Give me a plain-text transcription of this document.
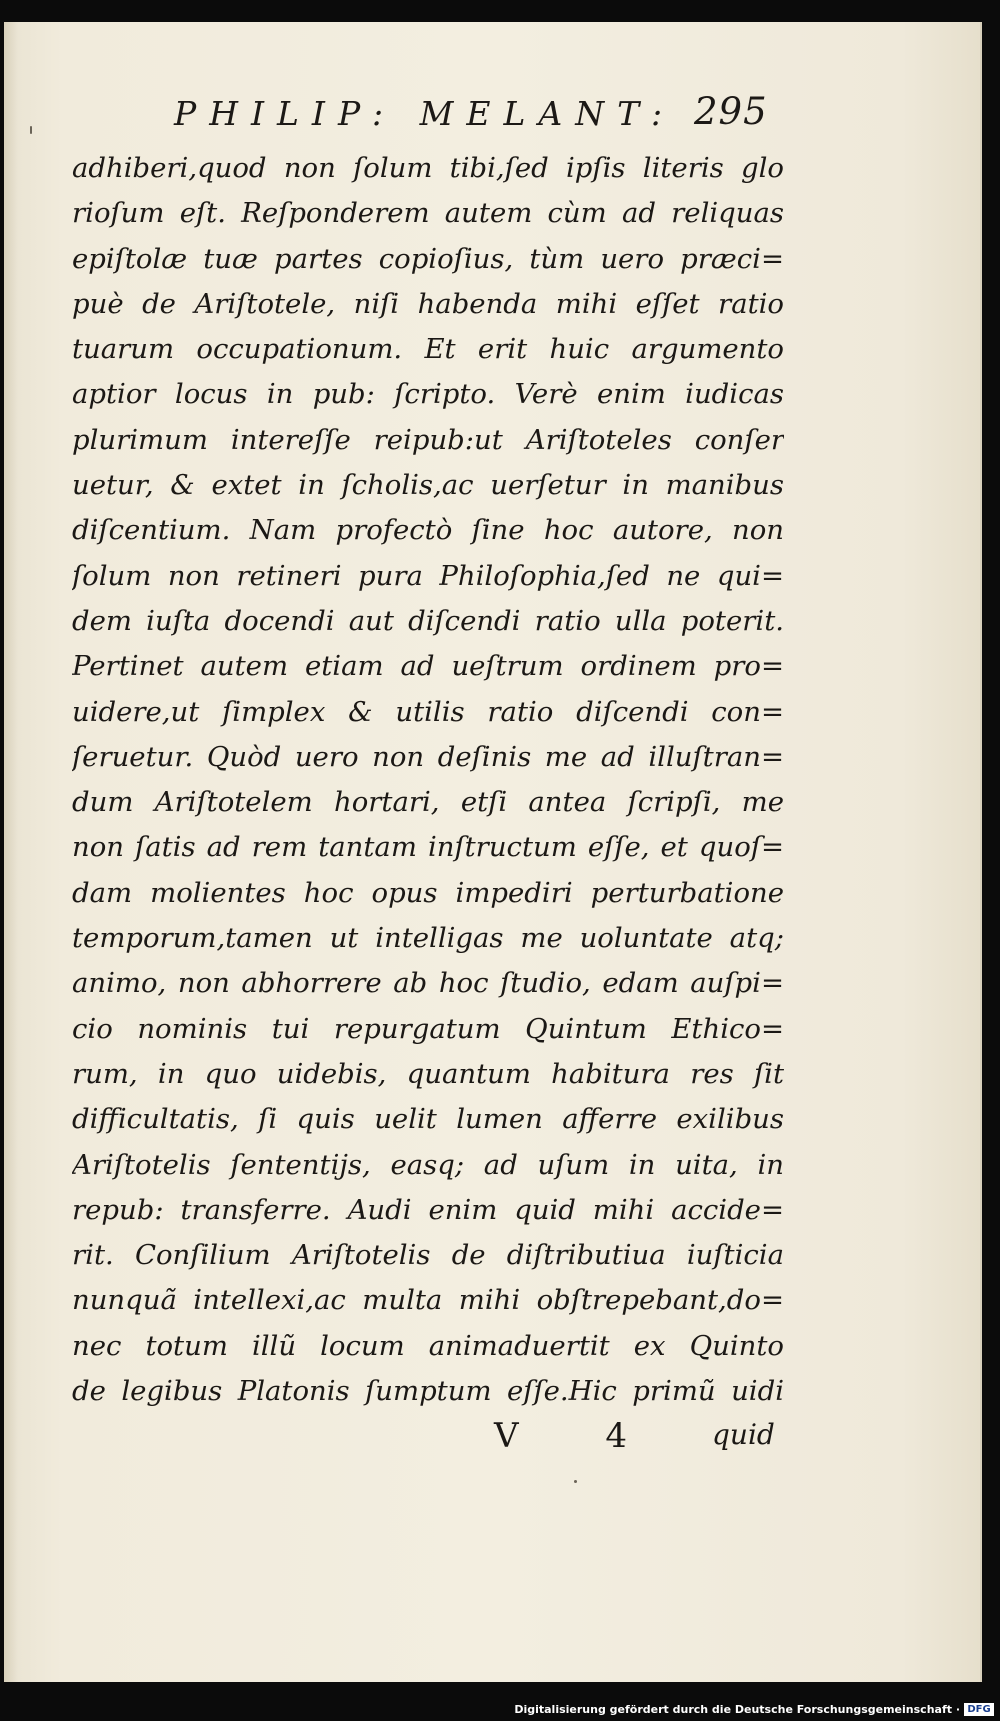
PHILIP: MELANT: 295
adhiberi,quod non ſolum tibi,ſed ipſis literis glo
rioſum eſt. Reſponderem autem cùm ad reliquas
epiſtolæ tuæ partes copioſius, tùm uero præci=
puè de Ariſtotele, niſi habenda mihi eſſet ratio
tuarum occupationum. Et erit huic argumento
aptior locus in pub: ſcripto. Verè enim iudicas
plurimum intereſſe reipub:ut Ariſtoteles conſer
uetur, & extet in ſcholis,ac uerſetur in manibus
diſcentium. Nam profectò ſine hoc autore, non
ſolum non retineri pura Philoſophia,ſed ne qui=
dem iuſta docendi aut diſcendi ratio ulla poterit.
Pertinet autem etiam ad ueſtrum ordinem pro=
uidere,ut ſimplex & utilis ratio diſcendi con=
ſeruetur. Quòd uero non deſinis me ad illuſtran=
dum Ariſtotelem hortari, etſi antea ſcripſi, me
non ſatis ad rem tantam inſtructum eſſe, et quoſ=
dam molientes hoc opus impediri perturbatione
temporum,tamen ut intelligas me uoluntate atq;
animo, non abhorrere ab hoc ſtudio, edam auſpi=
cio nominis tui repurgatum Quintum Ethico=
rum, in quo uidebis, quantum habitura res ſit
difficultatis, ſi quis uelit lumen afferre exilibus
Ariſtotelis ſententijs, easq; ad uſum in uita, in
repub: transferre. Audi enim quid mihi accide=
rit. Conſilium Ariſtotelis de diſtributiua iuſticia
nunquã intellexi,ac multa mihi obſtrepebant,do=
nec totum illũ locum animaduertit ex Quinto
de legibus Platonis ſumptum eſſe.Hic primũ uidi
V 4 quid
Digitalisierung gefördert durch die Deutsche Forschungsgemeinschaft · DFG
